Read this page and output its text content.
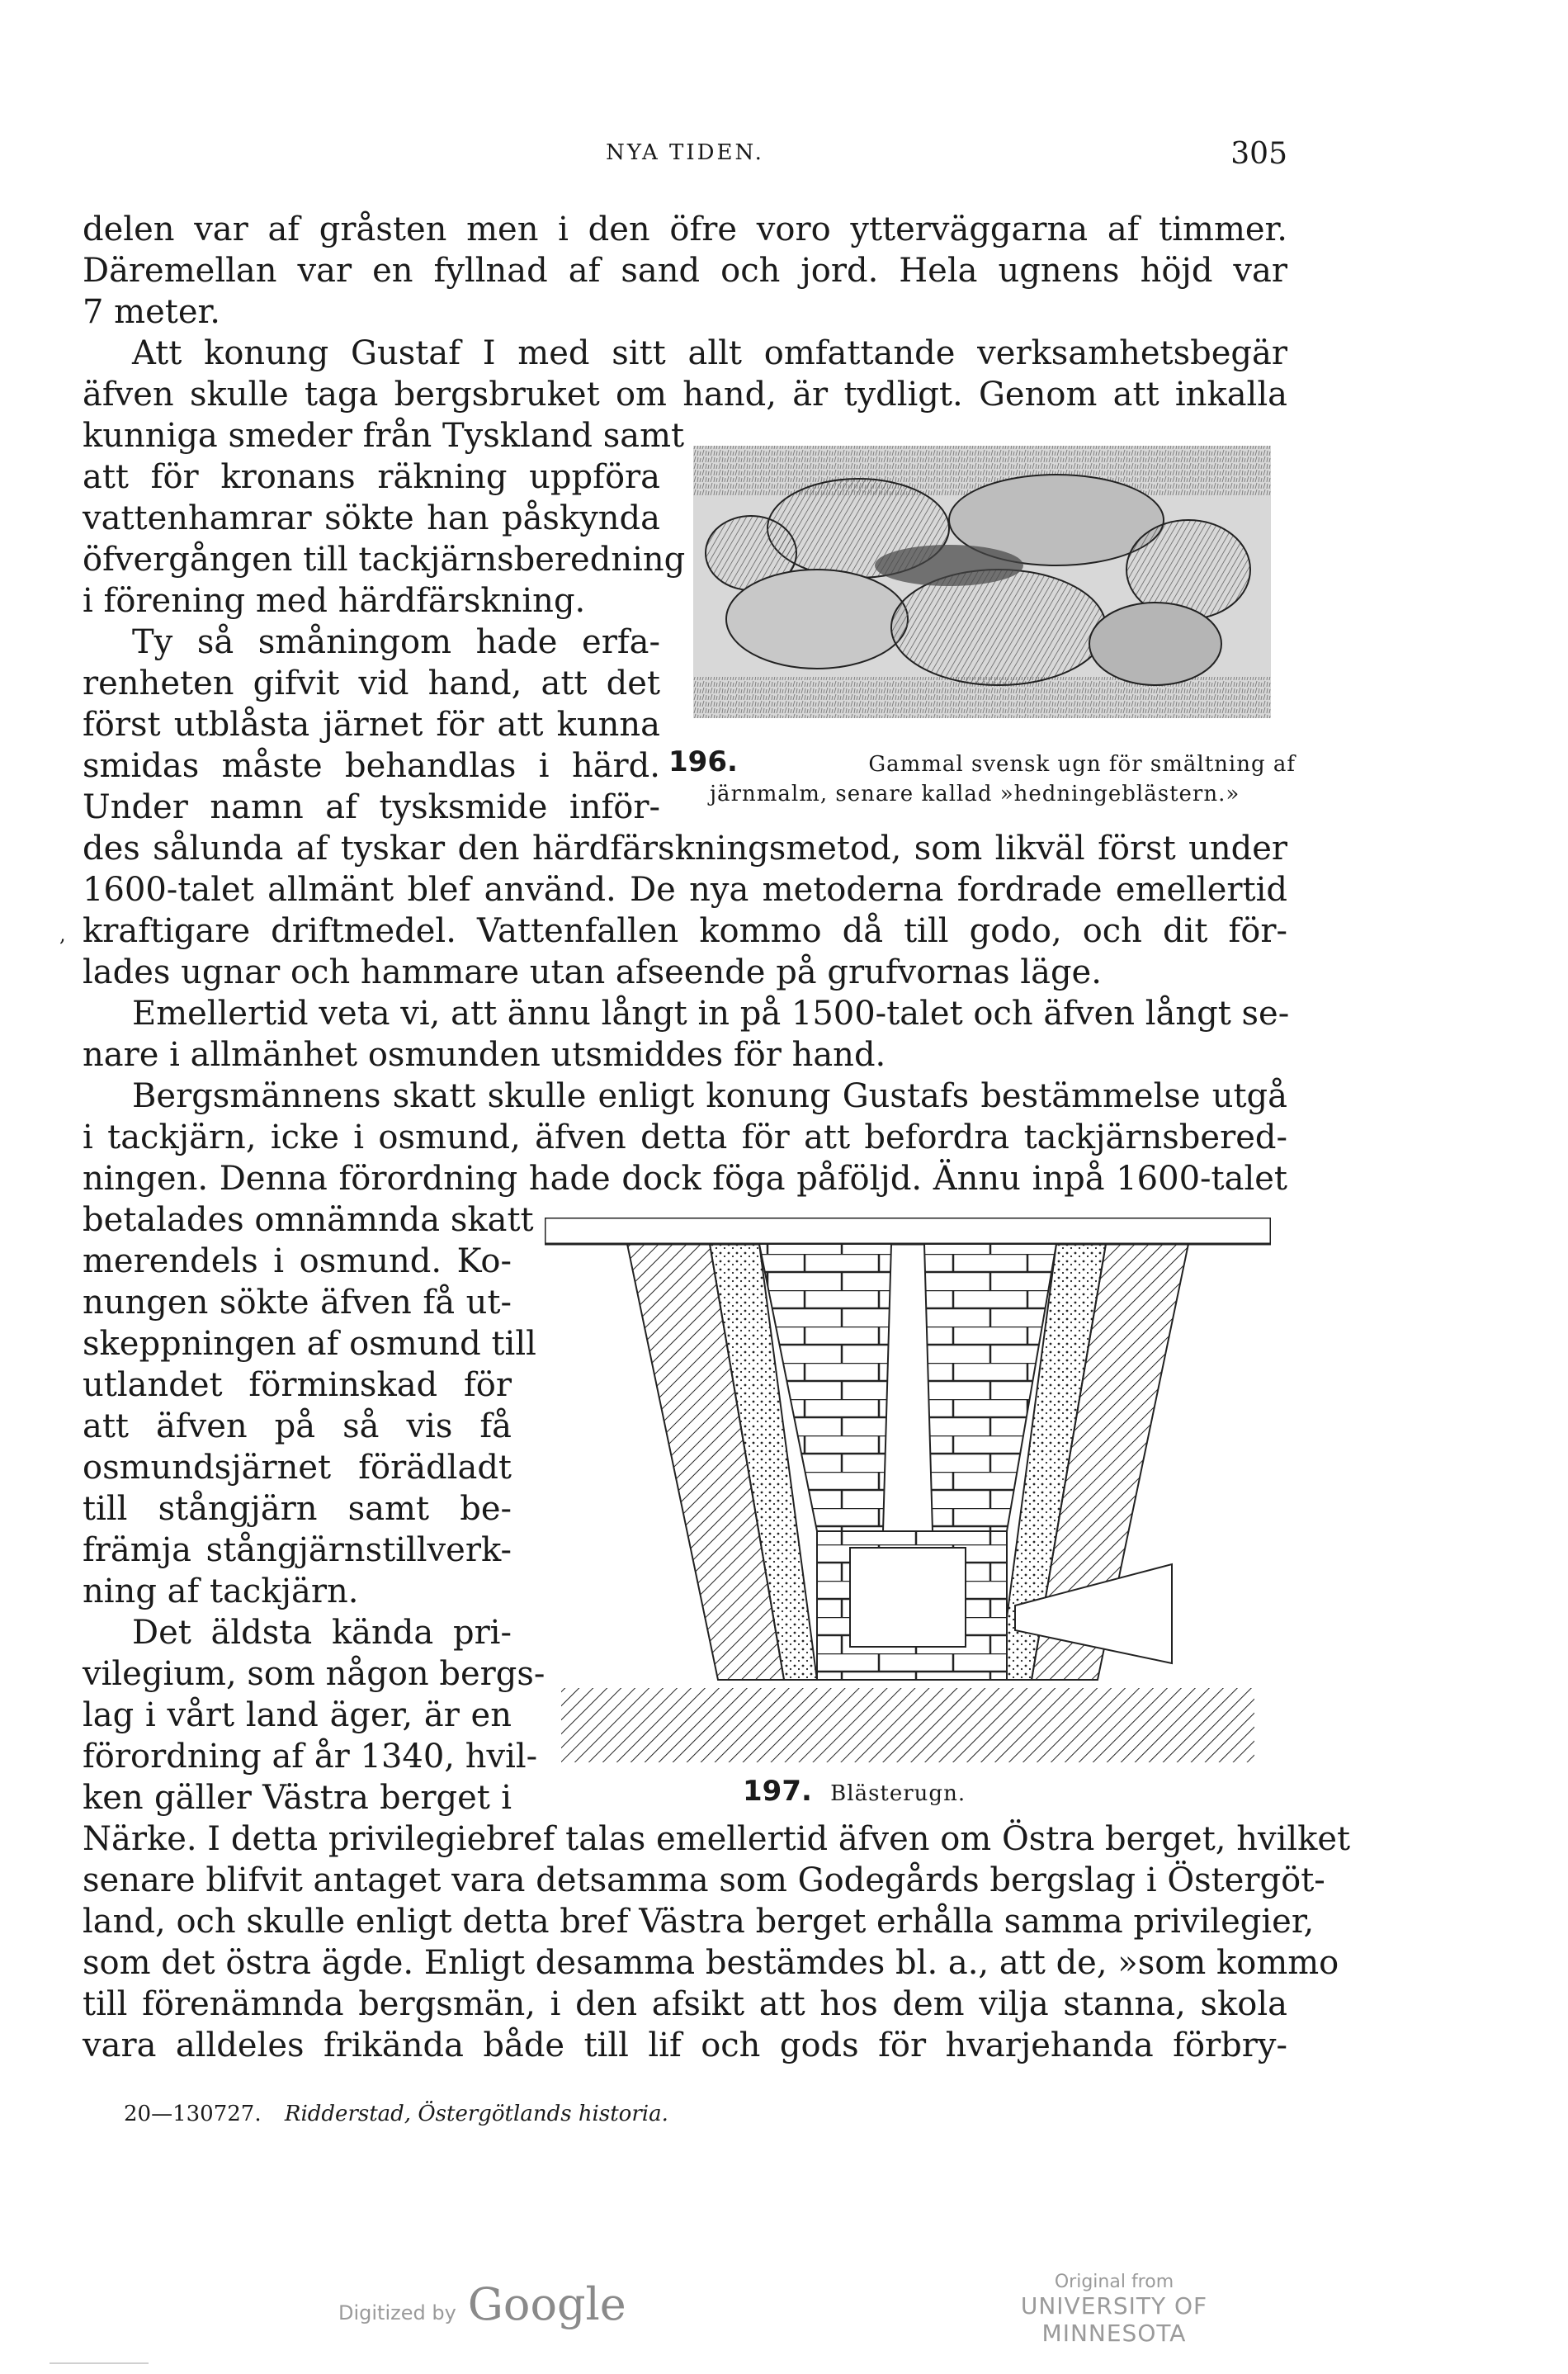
NYA TIDEN.	305
delen var af gråsten men i den öfre voro ytterväggarna af timmer.
Däremellan var en fyllnad af sand och jord. Hela ugnens höjd var
7 meter.
Att konung Gustaf I med sitt allt omfattande verksamhetsbegär
äfven skulle taga bergsbruket om hand, är tydligt. Genom att inkalla
kunniga smeder från Tyskland samt
att för kronans räkning uppföra
vattenhamrar sökte han påskynda
öfvergången till tackjärnsberedning
i förening med härdfärskning.
Ty så småningom hade erfa-
renheten gifvit vid hand, att det
först utblåsta järnet för att kunna
smidas måste behandlas i härd.
Under namn af tysksmide inför-
des sålunda af tyskar den härdfärskningsmetod, som likväl först under
1600-talet allmänt blef använd. De nya metoderna fordrade emellertid
kraftigare driftmedel. Vattenfallen kommo då till godo, och dit för-
lades ugnar och hammare utan afseende på grufvornas läge.
Emellertid veta vi, att ännu långt in på 1500-talet och äfven långt se-
nare i allmänhet osmunden utsmiddes för hand.
Bergsmännens skatt skulle enligt konung Gustafs bestämmelse utgå
i tackjärn, icke i osmund, äfven detta för att befordra tackjärnsbered-
ningen. Denna förordning hade dock föga påföljd. Ännu inpå 1600-talet
betalades omnämnda skatt
merendels i osmund. Ko-
nungen sökte äfven få ut-
skeppningen af osmund till
utlandet förminskad för
att äfven på så vis få
osmundsjärnet förädladt
till stångjärn samt be-
främja stångjärnstillverk-
ning af tackjärn.
Det äldsta kända pri-
vilegium, som någon bergs-
lag i vårt land äger, är en
förordning af år 1340, hvil-
ken gäller Västra berget i
Närke. I detta privilegiebref talas emellertid äfven om Östra berget, hvilket
senare blifvit antaget vara detsamma som Godegårds bergslag i Östergöt-
land, och skulle enligt detta bref Västra berget erhålla samma privilegier,
som det östra ägde. Enligt desamma bestämdes bl. a., att de, »som kommo
till förenämnda bergsmän, i den afsikt att hos dem vilja stanna, skola
vara alldeles frikända både till lif och gods för hvarjehanda förbry-
,
196.	Gammal svensk ugn för smältning af
järnmalm, senare kallad »hedningeblästern.»
197. Blästerugn.
20—130727. Ridderstad, Östergötlands historia.
Digitized by Google	Original from
UNIVERSITY OF MINNESOTA
